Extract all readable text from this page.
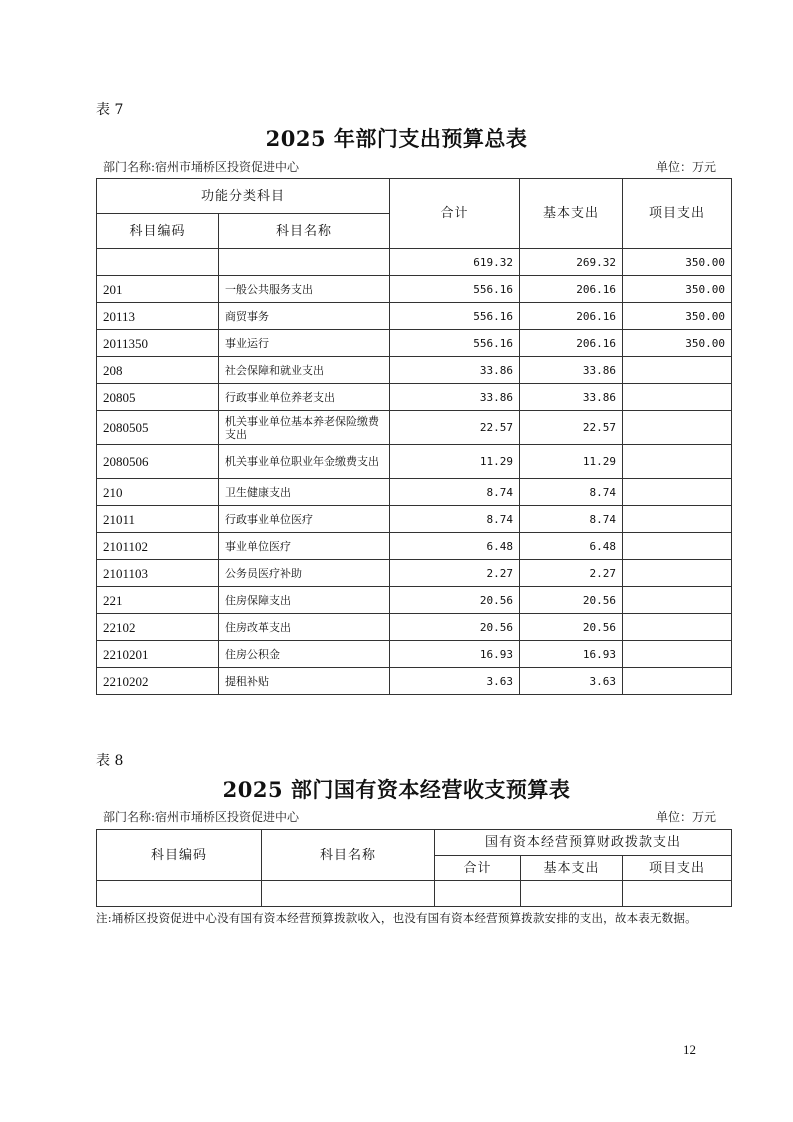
表 7
2025 年部门支出预算总表
部门名称:宿州市埇桥区投资促进中心	单位：万元
功能分类科目		合计	基本支出	项目支出
科目编码	科目名称			
		619.32	269.32	350.00
201	一般公共服务支出	556.16	206.16	350.00
20113	商贸事务	556.16	206.16	350.00
2011350	事业运行	556.16	206.16	350.00
208	社会保障和就业支出	33.86	33.86	
20805	行政事业单位养老支出	33.86	33.86	
2080505	机关事业单位基本养老保险缴费支出	22.57	22.57	
2080506	机关事业单位职业年金缴费支出	11.29	11.29	
210	卫生健康支出	8.74	8.74	
21011	行政事业单位医疗	8.74	8.74	
2101102	事业单位医疗	6.48	6.48	
2101103	公务员医疗补助	2.27	2.27	
221	住房保障支出	20.56	20.56	
22102	住房改革支出	20.56	20.56	
2210201	住房公积金	16.93	16.93	
2210202	提租补贴	3.63	3.63	
表 8
2025 部门国有资本经营收支预算表
部门名称:宿州市埇桥区投资促进中心	单位：万元
科目编码	科目名称	国有资本经营预算财政拨款支出		
		合计	基本支出	项目支出

注:埇桥区投资促进中心没有国有资本经营预算拨款收入，也没有国有资本经营预算拨款安排的支出，故本表无数据。
12
